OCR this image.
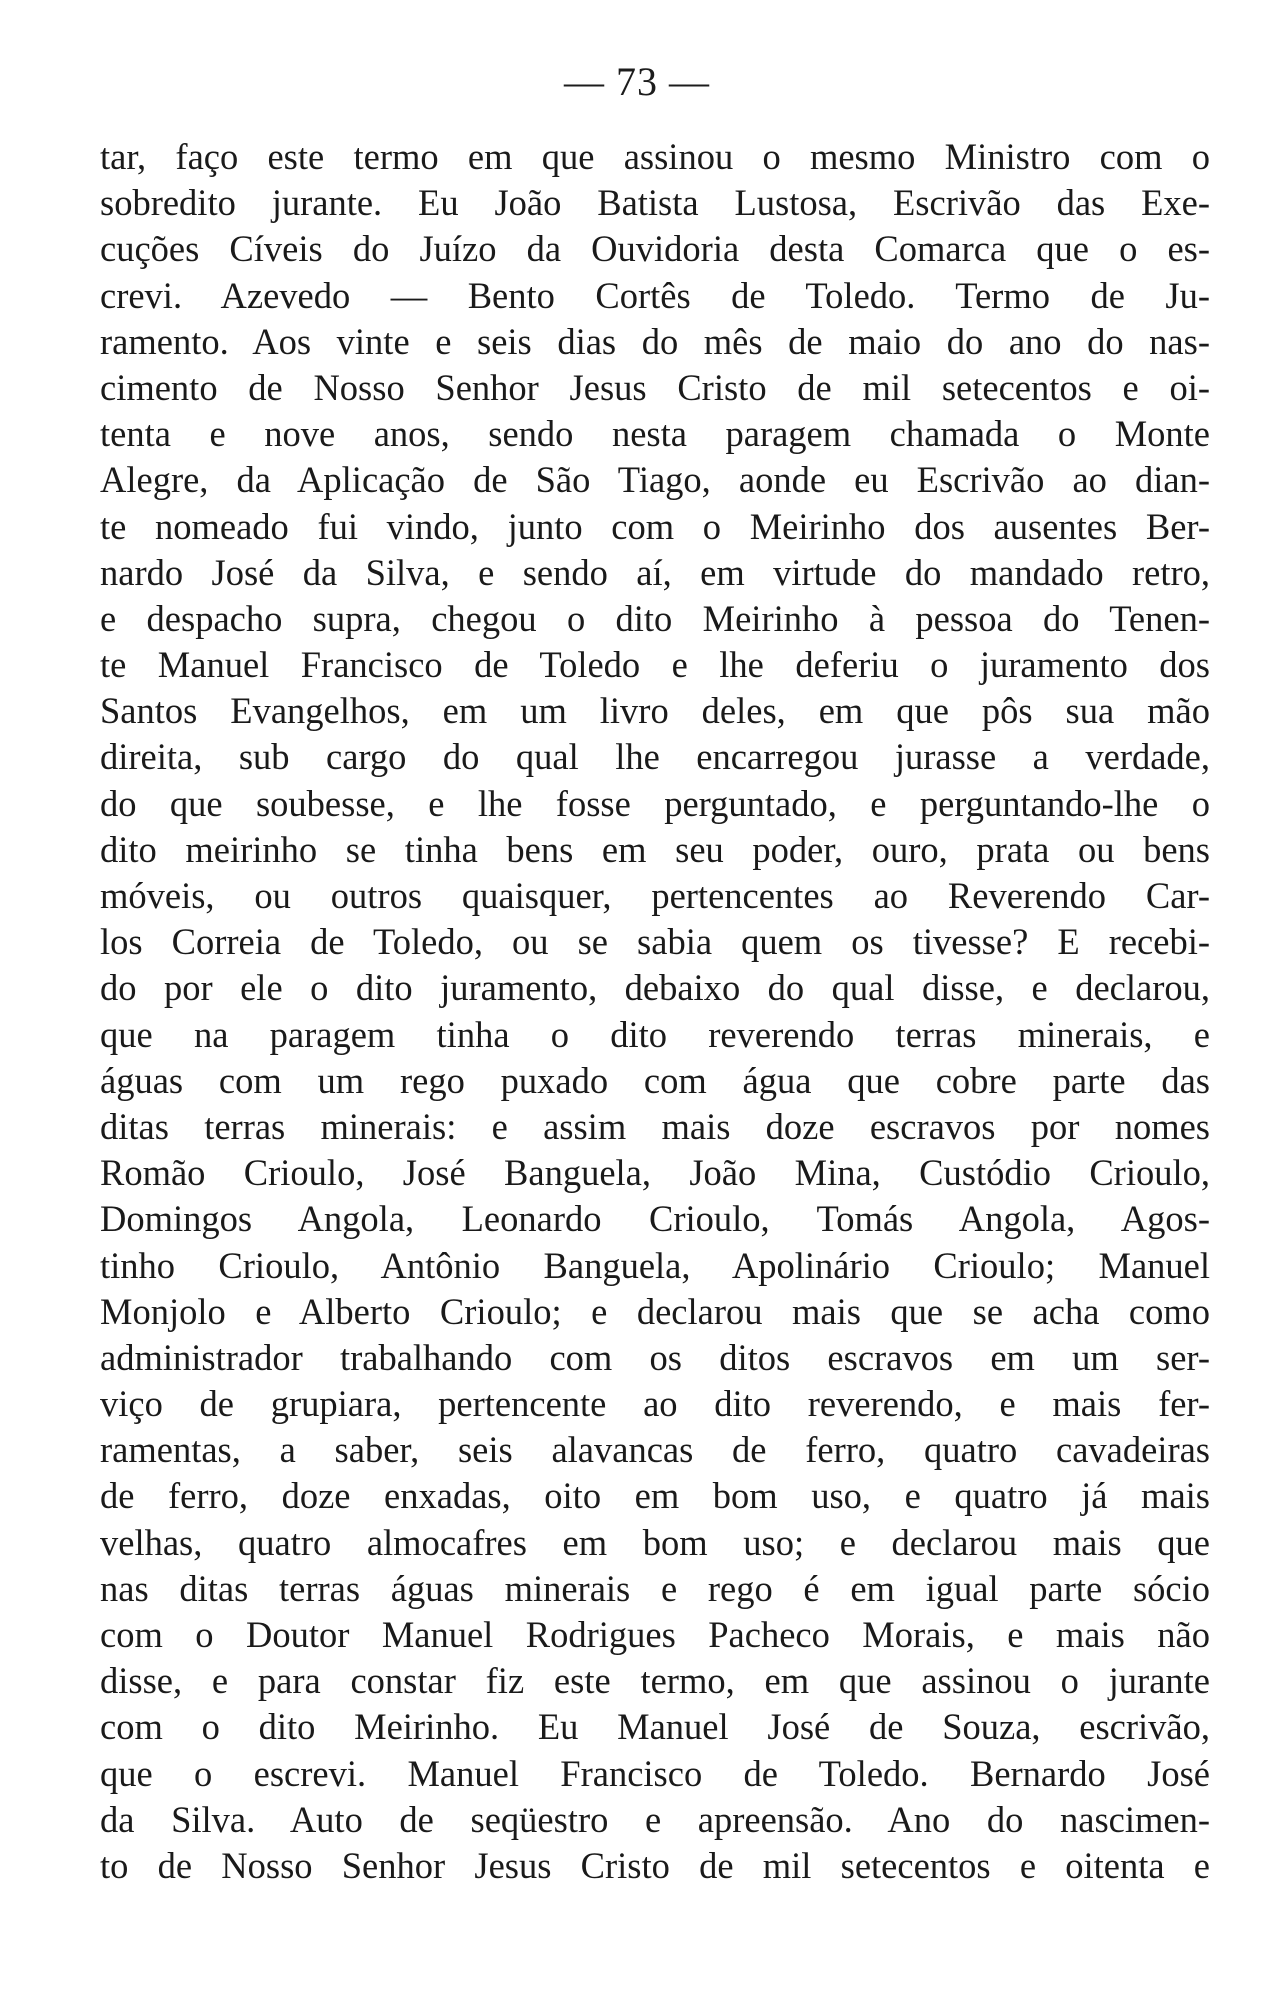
— 73 —
tar, faço este termo em que assinou o mesmo Ministro com o
sobredito jurante. Eu João Batista Lustosa, Escrivão das Exe-
cuções Cíveis do Juízo da Ouvidoria desta Comarca que o es-
crevi. Azevedo — Bento Cortês de Toledo. Termo de Ju-
ramento. Aos vinte e seis dias do mês de maio do ano do nas-
cimento de Nosso Senhor Jesus Cristo de mil setecentos e oi-
tenta e nove anos, sendo nesta paragem chamada o Monte
Alegre, da Aplicação de São Tiago, aonde eu Escrivão ao dian-
te nomeado fui vindo, junto com o Meirinho dos ausentes Ber-
nardo José da Silva, e sendo aí, em virtude do mandado retro,
e despacho supra, chegou o dito Meirinho à pessoa do Tenen-
te Manuel Francisco de Toledo e lhe deferiu o juramento dos
Santos Evangelhos, em um livro deles, em que pôs sua mão
direita, sub cargo do qual lhe encarregou jurasse a verdade,
do que soubesse, e lhe fosse perguntado, e perguntando-lhe o
dito meirinho se tinha bens em seu poder, ouro, prata ou bens
móveis, ou outros quaisquer, pertencentes ao Reverendo Car-
los Correia de Toledo, ou se sabia quem os tivesse? E recebi-
do por ele o dito juramento, debaixo do qual disse, e declarou,
que na paragem tinha o dito reverendo terras minerais, e
águas com um rego puxado com água que cobre parte das
ditas terras minerais: e assim mais doze escravos por nomes
Romão Crioulo, José Banguela, João Mina, Custódio Crioulo,
Domingos Angola, Leonardo Crioulo, Tomás Angola, Agos-
tinho Crioulo, Antônio Banguela, Apolinário Crioulo; Manuel
Monjolo e Alberto Crioulo; e declarou mais que se acha como
administrador trabalhando com os ditos escravos em um ser-
viço de grupiara, pertencente ao dito reverendo, e mais fer-
ramentas, a saber, seis alavancas de ferro, quatro cavadeiras
de ferro, doze enxadas, oito em bom uso, e quatro já mais
velhas, quatro almocafres em bom uso; e declarou mais que
nas ditas terras águas minerais e rego é em igual parte sócio
com o Doutor Manuel Rodrigues Pacheco Morais, e mais não
disse, e para constar fiz este termo, em que assinou o jurante
com o dito Meirinho. Eu Manuel José de Souza, escrivão,
que o escrevi. Manuel Francisco de Toledo. Bernardo José
da Silva. Auto de seqüestro e apreensão. Ano do nascimen-
to de Nosso Senhor Jesus Cristo de mil setecentos e oitenta e
